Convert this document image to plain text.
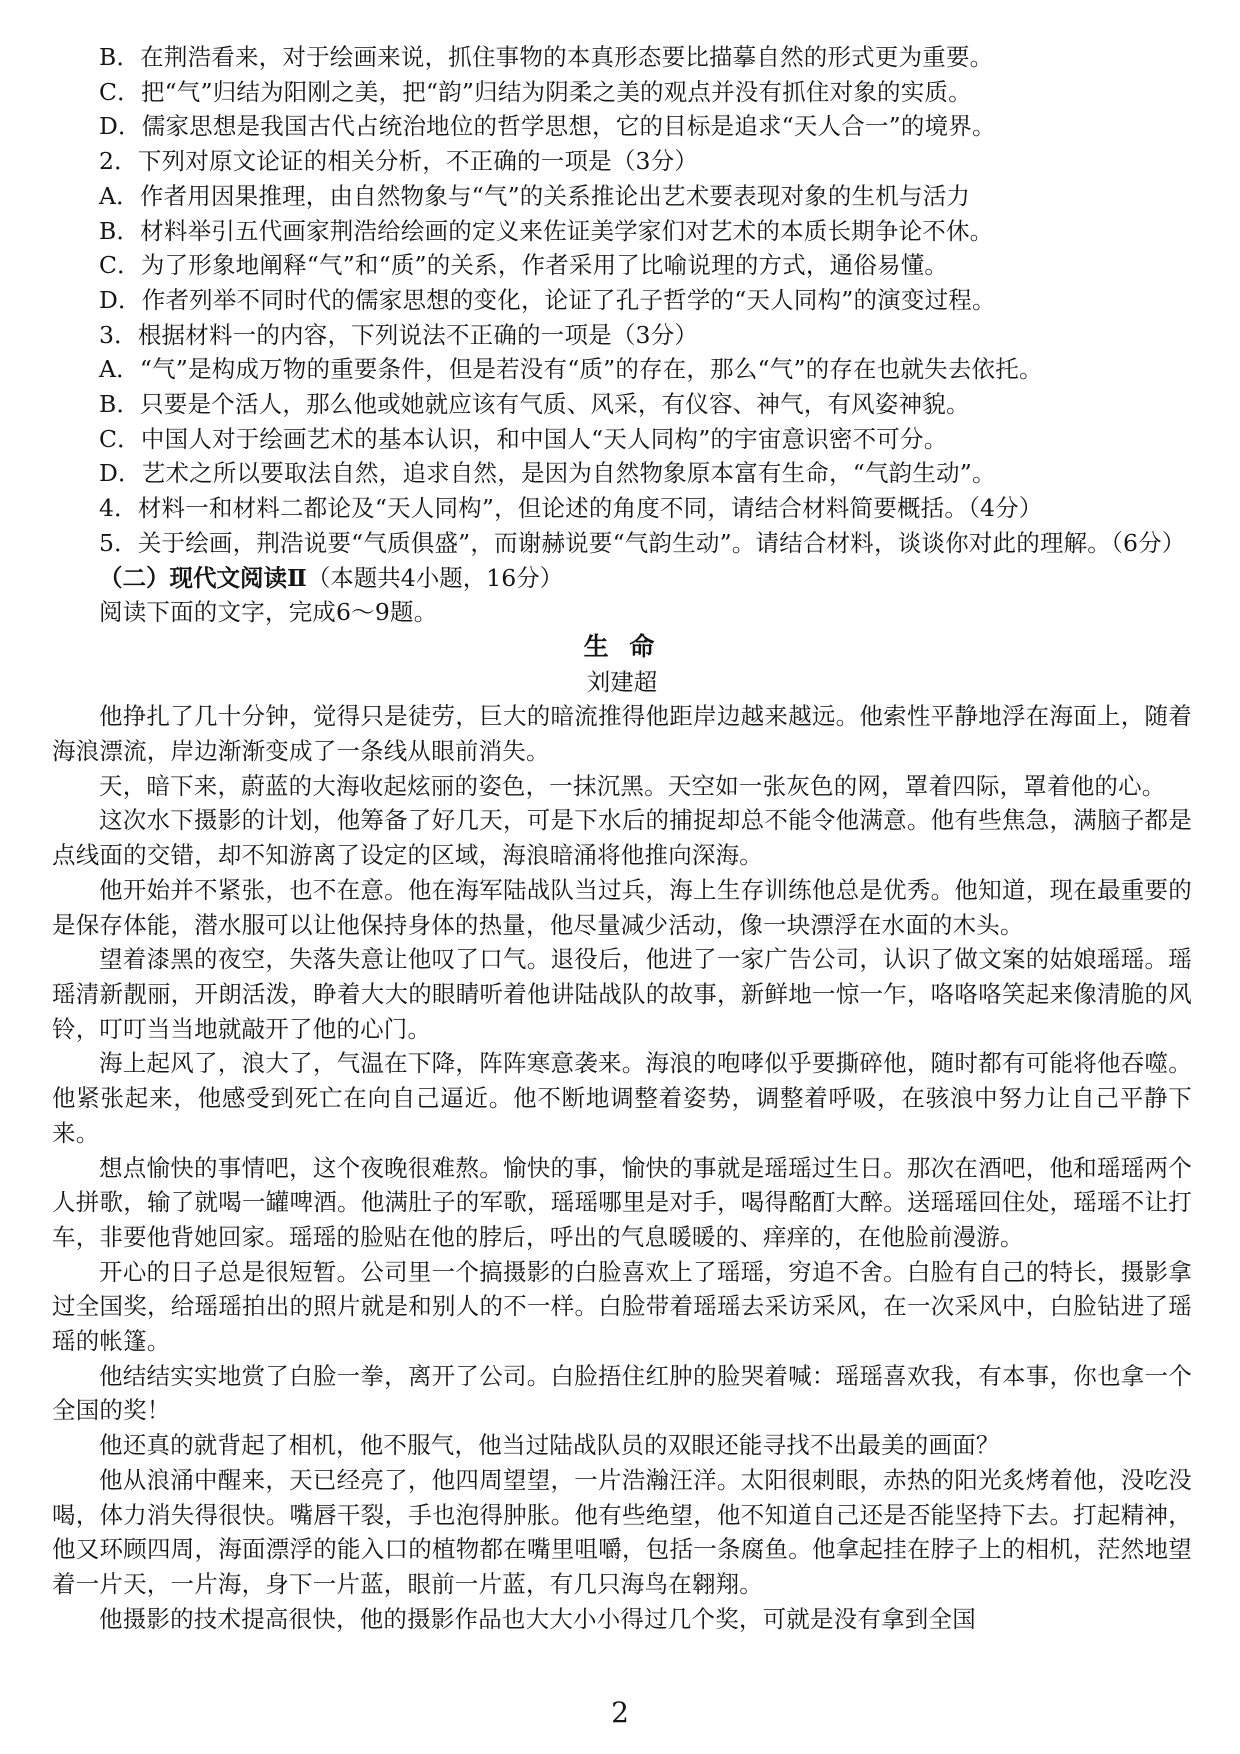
B．在荆浩看来，对于绘画来说，抓住事物的本真形态要比描摹自然的形式更为重要。

C．把“气”归结为阳刚之美，把“韵”归结为阴柔之美的观点并没有抓住对象的实质。

D．儒家思想是我国古代占统治地位的哲学思想，它的目标是追求“天人合一”的境界。

2．下列对原文论证的相关分析，不正确的一项是（3分）

A．作者用因果推理，由自然物象与“气”的关系推论出艺术要表现对象的生机与活力

B．材料举引五代画家荆浩给绘画的定义来佐证美学家们对艺术的本质长期争论不休。

C．为了形象地阐释“气”和“质”的关系，作者采用了比喻说理的方式，通俗易懂。

D．作者列举不同时代的儒家思想的变化，论证了孔子哲学的“天人同构”的演变过程。

3．根据材料一的内容，下列说法不正确的一项是（3分）

A．“气”是构成万物的重要条件，但是若没有“质”的存在，那么“气”的存在也就失去依托。

B．只要是个活人，那么他或她就应该有气质、风采，有仪容、神气，有风姿神貌。

C．中国人对于绘画艺术的基本认识，和中国人“天人同构”的宇宙意识密不可分。

D．艺术之所以要取法自然，追求自然，是因为自然物象原本富有生命，“气韵生动”。

4．材料一和材料二都论及“天人同构”，但论述的角度不同，请结合材料简要概括。（4分）

5．关于绘画，荆浩说要“气质俱盛”，而谢赫说要“气韵生动”。请结合材料，谈谈你对此的理解。（6分）

（二）现代文阅读Ⅱ（本题共4小题，16分）

阅读下面的文字，完成6～9题。

生 命

刘建超

他挣扎了几十分钟，觉得只是徒劳，巨大的暗流推得他距岸边越来越远。他索性平静地浮在海面上，随着海浪漂流，岸边渐渐变成了一条线从眼前消失。

天，暗下来，蔚蓝的大海收起炫丽的姿色，一抹沉黑。天空如一张灰色的网，罩着四际，罩着他的心。

这次水下摄影的计划，他筹备了好几天，可是下水后的捕捉却总不能令他满意。他有些焦急，满脑子都是点线面的交错，却不知游离了设定的区域，海浪暗涌将他推向深海。

他开始并不紧张，也不在意。他在海军陆战队当过兵，海上生存训练他总是优秀。他知道，现在最重要的是保存体能，潜水服可以让他保持身体的热量，他尽量减少活动，像一块漂浮在水面的木头。

望着漆黑的夜空，失落失意让他叹了口气。退役后，他进了一家广告公司，认识了做文案的姑娘瑶瑶。瑶瑶清新靓丽，开朗活泼，睁着大大的眼睛听着他讲陆战队的故事，新鲜地一惊一乍，咯咯咯笑起来像清脆的风铃，叮叮当当地就敲开了他的心门。

海上起风了，浪大了，气温在下降，阵阵寒意袭来。海浪的咆哮似乎要撕碎他，随时都有可能将他吞噬。他紧张起来，他感受到死亡在向自己逼近。他不断地调整着姿势，调整着呼吸，在骇浪中努力让自己平静下来。

想点愉快的事情吧，这个夜晚很难熬。愉快的事，愉快的事就是瑶瑶过生日。那次在酒吧，他和瑶瑶两个人拼歌，输了就喝一罐啤酒。他满肚子的军歌，瑶瑶哪里是对手，喝得酩酊大醉。送瑶瑶回住处，瑶瑶不让打车，非要他背她回家。瑶瑶的脸贴在他的脖后，呼出的气息暖暖的、痒痒的，在他脸前漫游。

开心的日子总是很短暂。公司里一个搞摄影的白脸喜欢上了瑶瑶，穷追不舍。白脸有自己的特长，摄影拿过全国奖，给瑶瑶拍出的照片就是和别人的不一样。白脸带着瑶瑶去采访采风，在一次采风中，白脸钻进了瑶瑶的帐篷。

他结结实实地赏了白脸一拳，离开了公司。白脸捂住红肿的脸哭着喊：瑶瑶喜欢我，有本事，你也拿一个全国的奖！

他还真的就背起了相机，他不服气，他当过陆战队员的双眼还能寻找不出最美的画面？

他从浪涌中醒来，天已经亮了，他四周望望，一片浩瀚汪洋。太阳很刺眼，赤热的阳光炙烤着他，没吃没喝，体力消失得很快。嘴唇干裂，手也泡得肿胀。他有些绝望，他不知道自己还是否能坚持下去。打起精神，他又环顾四周，海面漂浮的能入口的植物都在嘴里咀嚼，包括一条腐鱼。他拿起挂在脖子上的相机，茫然地望着一片天，一片海，身下一片蓝，眼前一片蓝，有几只海鸟在翱翔。

他摄影的技术提高很快，他的摄影作品也大大小小得过几个奖，可就是没有拿到全国

2
